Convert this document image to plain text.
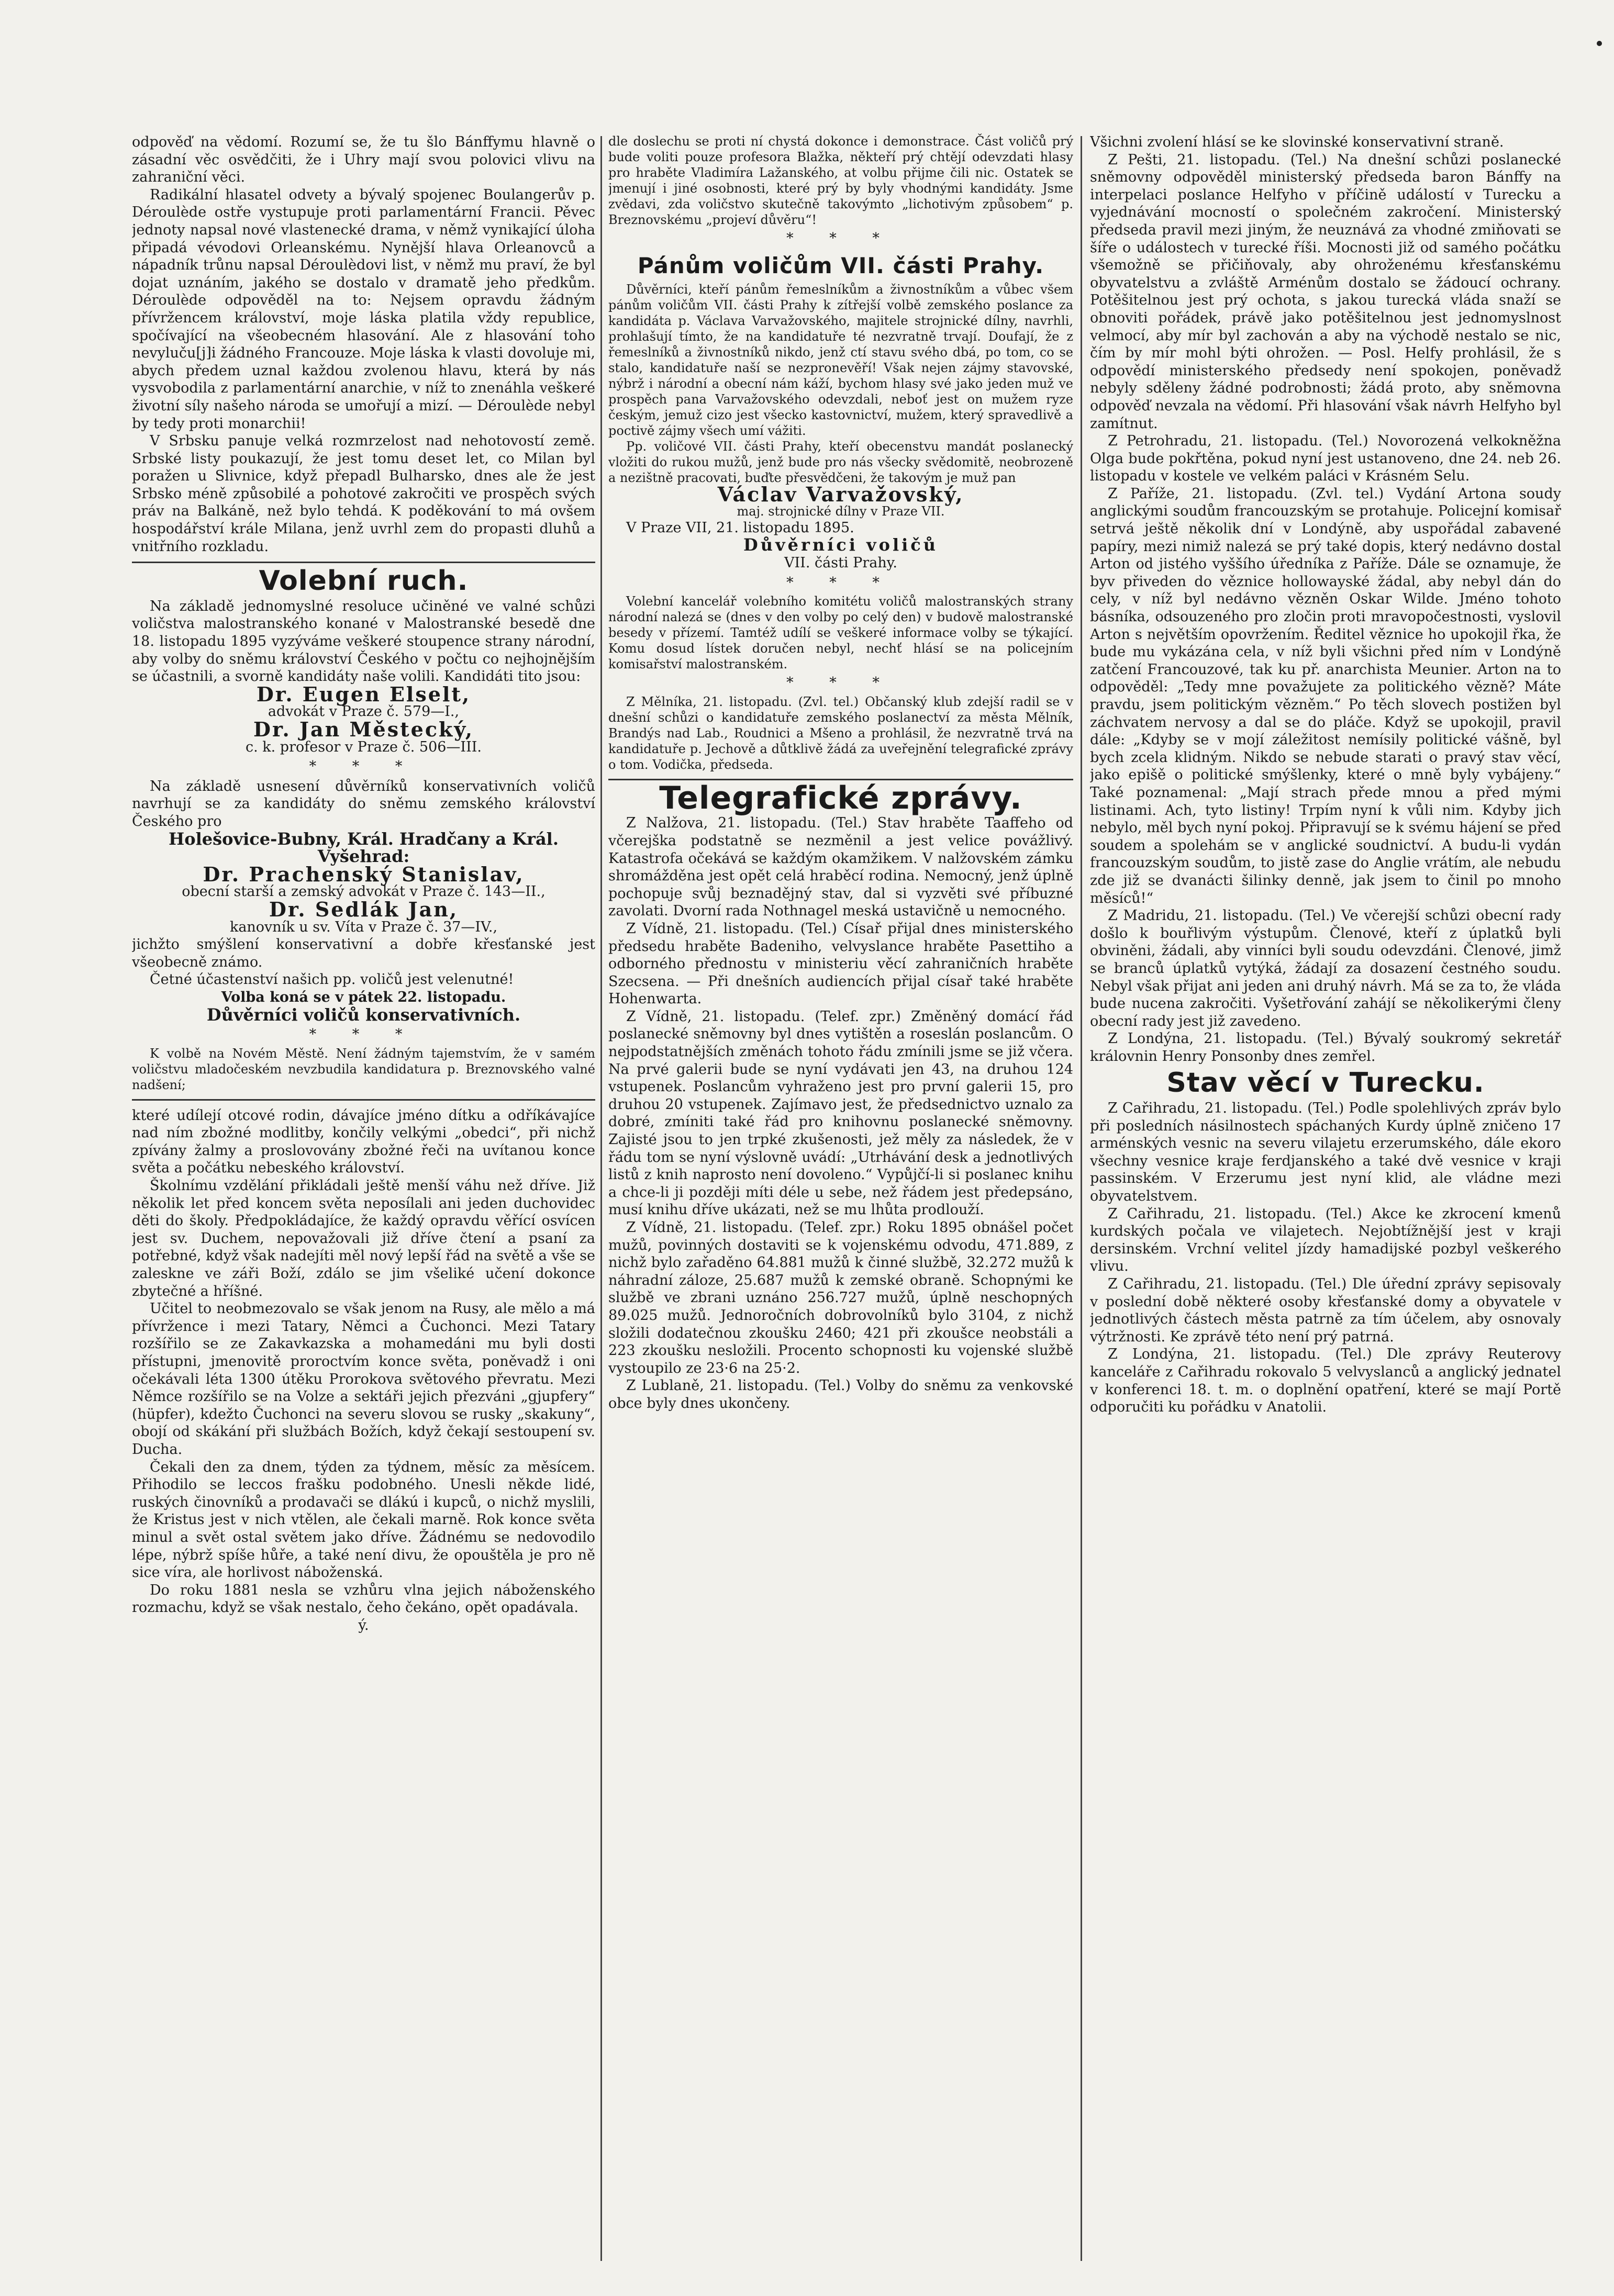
odpověď na vědomí. Rozumí se, že tu šlo Bánffymu hlavně o zásadní věc osvědčiti, že i Uhry mají svou polovici vlivu na zahraniční věci.

Radikální hlasatel odvety a bývalý spojenec Boulangerův p. Déroulède ostře vystupuje proti parlamentární Francii. Pěvec jednoty napsal nové vlastenecké drama, v němž vynikající úloha připadá vévodovi Orleanskému. Nynější hlava Orleanovců a nápadník trůnu napsal Déroulèdovi list, v němž mu praví, že byl dojat uznáním, jakého se dostalo v dramatě jeho předkům. Déroulède odpověděl na to: Nejsem opravdu žádným přívržencem království, moje láska platila vždy republice, spočívající na všeobecném hlasování. Ale z hlasování toho nevyluču[j]i žádného Francouze. Moje láska k vlasti dovoluje mi, abych předem uznal každou zvolenou hlavu, která by nás vysvobodila z parlamentární anarchie, v níž to znenáhla veškeré životní síly našeho národa se umořují a mizí. — Déroulède nebyl by tedy proti monarchii!

V Srbsku panuje velká rozmrzelost nad nehotovostí země. Srbské listy poukazují, že jest tomu deset let, co Milan byl poražen u Slivnice, když přepadl Bulharsko, dnes ale že jest Srbsko méně způsobilé a pohotové zakročiti ve prospěch svých práv na Balkáně, než bylo tehdá. K poděkování to má ovšem hospodářství krále Milana, jenž uvrhl zem do propasti dluhů a vnitřního rozkladu.

Volební ruch.

Na základě jednomyslné resoluce učiněné ve valné schůzi voličstva malostranského konané v Malostranské besedě dne 18. listopadu 1895 vyzýváme veškeré stoupence strany národní, aby volby do sněmu království Českého v počtu co nejhojnějším se účastnili, a svorně kandidáty naše volili. Kandidáti tito jsou:

Dr. Eugen Elselt,

advokát v Praze č. 579—I.,

Dr. Jan Městecký,

c. k. profesor v Praze č. 506—III.

* * *

Na základě usnesení důvěrníků konservativních voličů navrhují se za kandidáty do sněmu zemského království Českého pro

Holešovice-Bubny, Král. Hradčany a Král. Vyšehrad:

Dr. Prachenský Stanislav,

obecní starší a zemský advokát v Praze č. 143—II.,

Dr. Sedlák Jan,

kanovník u sv. Víta v Praze č. 37—IV.,

jichžto smýšlení konservativní a dobře křesťanské jest všeobecně známo.

Četné účastenství našich pp. voličů jest velenutné!

Volba koná se v pátek 22. listopadu.

Důvěrníci voličů konservativních.

* * *

K volbě na Novém Městě. Není žádným tajemstvím, že v samém voličstvu mladočeském nevzbudila kandidatura p. Breznovského valné nadšení;

které udílejí otcové rodin, dávajíce jméno dítku a odříkávajíce nad ním zbožné modlitby, končily velkými „obedci“, při nichž zpívány žalmy a proslovovány zbožné řeči na uvítanou konce světa a počátku nebeského království.

Školnímu vzdělání přikládali ještě menší váhu než dříve. Již několik let před koncem světa neposílali ani jeden duchovidec děti do školy. Předpokládajíce, že každý opravdu věřící osvícen jest sv. Duchem, nepovažovali již dříve čtení a psaní za potřebné, když však nadejíti měl nový lepší řád na světě a vše se zaleskne ve záři Boží, zdálo se jim všeliké učení dokonce zbytečné a hříšné.

Učitel to neobmezovalo se však jenom na Rusy, ale mělo a má přívržence i mezi Tatary, Němci a Čuchonci. Mezi Tatary rozšířilo se ze Zakavkazska a mohamedáni mu byli dosti přístupni, jmenovitě proroctvím konce světa, poněvadž i oni očekávali léta 1300 útěku Prorokova světového převratu. Mezi Němce rozšířilo se na Volze a sektáři jejich přezváni „gjupfery“ (hüpfer), kdežto Čuchonci na severu slovou se rusky „skakuny“, obojí od skákání při službách Božích, když čekají sestoupení sv. Ducha.

Čekali den za dnem, týden za týdnem, měsíc za měsícem. Přihodilo se leccos frašku podobného. Unesli někde lidé, ruských činovníků a prodavači se dlákú i kupců, o nichž myslili, že Kristus jest v nich vtělen, ale čekali marně. Rok konce světa minul a svět ostal světem jako dříve. Žádnému se nedovodilo lépe, nýbrž spíše hůře, a také není divu, že opouštěla je pro ně sice víra, ale horlivost náboženská.

Do roku 1881 nesla se vzhůru vlna jejich náboženského rozmachu, když se však nestalo, čeho čekáno, opět opadávala.

ý.

dle doslechu se proti ní chystá dokonce i demonstrace. Část voličů prý bude voliti pouze profesora Blažka, někteří prý chtějí odevzdati hlasy pro hraběte Vladimíra Lažanského, at volbu přijme čili nic. Ostatek se jmenují i jiné osobnosti, které prý by byly vhodnými kandidáty. Jsme zvědavi, zda voličstvo skutečně takovýmto „lichotivým způsobem“ p. Breznovskému „projeví důvěru“!

* * *
Pánům voličům VII. části Prahy.

Důvěrníci, kteří pánům řemeslníkům a živnostníkům a vůbec všem pánům voličům VII. části Prahy k zítřejší volbě zemského poslance za kandidáta p. Václava Varvažovského, majitele strojnické dílny, navrhli, prohlašují tímto, že na kandidatuře té nezvratně trvají. Doufají, že z řemeslníků a živnostníků nikdo, jenž ctí stavu svého dbá, po tom, co se stalo, kandidatuře naší se nezpronevěří! Však nejen zájmy stavovské, nýbrž i národní a obecní nám káží, bychom hlasy své jako jeden muž ve prospěch pana Varvažovského odevzdali, neboť jest on mužem ryze českým, jemuž cizo jest všecko kastovnictví, mužem, který spravedlivě a poctivě zájmy všech umí vážiti.

Pp. voličové VII. části Prahy, kteří obecenstvu mandát poslanecký vložiti do rukou mužů, jenž bude pro nás všecky svědomitě, neobrozeně a nezištně pracovati, buďte přesvědčeni, že takovým je muž pan

Václav Varvažovský,

maj. strojnické dílny v Praze VII.

V Praze VII, 21. listopadu 1895.

Důvěrníci voličů

VII. části Prahy.

* * *

Volební kancelář volebního komitétu voličů malostranských strany národní nalezá se (dnes v den volby po celý den) v budově malostranské besedy v přízemí. Tamtéž udílí se veškeré informace volby se týkající. Komu dosud lístek doručen nebyl, nechť hlásí se na policejním komisařství malostranském.

* * *

Z Mělníka, 21. listopadu. (Zvl. tel.) Občanský klub zdejší radil se v dnešní schůzi o kandidatuře zemského poslanectví za města Mělník, Brandýs nad Lab., Roudnici a Mšeno a prohlásil, že nezvratně trvá na kandidatuře p. Jechově a důtklivě žádá za uveřejnění telegrafické zprávy o tom. Vodička, předseda.

Telegrafické zprávy.

Z Nalžova, 21. listopadu. (Tel.) Stav hraběte Taaffeho od včerejška podstatně se nezměnil a jest velice povážlivý. Katastrofa očekává se každým okamžikem. V nalžovském zámku shromážděna jest opět celá hraběcí rodina. Nemocný, jenž úplně pochopuje svůj beznadějný stav, dal si vyzvěti své příbuzné zavolati. Dvorní rada Nothnagel meská ustavičně u nemocného.

Z Vídně, 21. listopadu. (Tel.) Císař přijal dnes ministerského předsedu hraběte Badeniho, velvyslance hraběte Pasettiho a odborného přednostu v ministeriu věcí zahraničních hraběte Szecsena. — Při dnešních audiencích přijal císař také hraběte Hohenwarta.

Z Vídně, 21. listopadu. (Telef. zpr.) Změněný domácí řád poslanecké sněmovny byl dnes vytištěn a roseslán poslancům. O nejpodstatnějších změnách tohoto řádu zmínili jsme se již včera. Na prvé galerii bude se nyní vydávati jen 43, na druhou 124 vstupenek. Poslancům vyhraženo jest pro první galerii 15, pro druhou 20 vstupenek. Zajímavo jest, že předsednictvo uznalo za dobré, zmíniti také řád pro knihovnu poslanecké sněmovny. Zajisté jsou to jen trpké zkušenosti, jež měly za následek, že v řádu tom se nyní výslovně uvádí: „Utrhávání desk a jednotlivých listů z knih naprosto není dovoleno.“ Vypůjčí-li si poslanec knihu a chce-li ji později míti déle u sebe, než řádem jest předepsáno, musí knihu dříve ukázati, než se mu lhůta prodlouží.

Z Vídně, 21. listopadu. (Telef. zpr.) Roku 1895 obnášel počet mužů, povinných dostaviti se k vojenskému odvodu, 471.889, z nichž bylo zařaděno 64.881 mužů k činné službě, 32.272 mužů k náhradní záloze, 25.687 mužů k zemské obraně. Schopnými ke službě ve zbrani uznáno 256.727 mužů, úplně neschopných 89.025 mužů. Jednoročních dobrovolníků bylo 3104, z nichž složili dodatečnou zkoušku 2460; 421 při zkoušce neobstáli a 223 zkoušku nesložili. Procento schopnosti ku vojenské službě vystoupilo ze 23·6 na 25·2.

Z Lublaně, 21. listopadu. (Tel.) Volby do sněmu za venkovské obce byly dnes ukončeny.

Všichni zvolení hlásí se ke slovinské konservativní straně.

Z Pešti, 21. listopadu. (Tel.) Na dnešní schůzi poslanecké sněmovny odpověděl ministerský předseda baron Bánffy na interpelaci poslance Helfyho v příčině událostí v Turecku a vyjednávání mocností o společném zakročení. Ministerský předseda pravil mezi jiným, že neuznává za vhodné zmiňovati se šíře o událostech v turecké říši. Mocnosti již od samého počátku všemožně se přičiňovaly, aby ohroženému křesťanskému obyvatelstvu a zvláště Arménům dostalo se žádoucí ochrany. Potěšitelnou jest prý ochota, s jakou turecká vláda snaží se obnoviti pořádek, právě jako potěšitelnou jest jednomyslnost velmocí, aby mír byl zachován a aby na východě nestalo se nic, čím by mír mohl býti ohrožen. — Posl. Helfy prohlásil, že s odpovědí ministerského předsedy není spokojen, poněvadž nebyly sděleny žádné podrobnosti; žádá proto, aby sněmovna odpověď nevzala na vědomí. Při hlasování však návrh Helfyho byl zamítnut.

Z Petrohradu, 21. listopadu. (Tel.) Novorozená velkokněžna Olga bude pokřtěna, pokud nyní jest ustanoveno, dne 24. neb 26. listopadu v kostele ve velkém paláci v Krásném Selu.

Z Paříže, 21. listopadu. (Zvl. tel.) Vydání Artona soudy anglickými soudům francouzským se protahuje. Policejní komisař setrvá ještě několik dní v Londýně, aby uspořádal zabavené papíry, mezi nimiž nalezá se prý také dopis, který nedávno dostal Arton od jistého vyššího úředníka z Paříže. Dále se oznamuje, že byv přiveden do věznice hollowayské žádal, aby nebyl dán do cely, v níž byl nedávno vězněn Oskar Wilde. Jméno tohoto básníka, odsouzeného pro zločin proti mravopočestnosti, vyslovil Arton s největším opovržením. Ředitel věznice ho upokojil řka, že bude mu vykázána cela, v níž byli všichni před ním v Londýně zatčení Francouzové, tak ku př. anarchista Meunier. Arton na to odpověděl: „Tedy mne považujete za politického vězně? Máte pravdu, jsem politickým vězněm.“ Po těch slovech postižen byl záchvatem nervosy a dal se do pláče. Když se upokojil, pravil dále: „Kdyby se v mojí záležitost nemísily politické vášně, byl bych zcela klidným. Nikdo se nebude starati o pravý stav věcí, jako epišě o politické smýšlenky, které o mně byly vybájeny.“ Také poznamenal: „Mají strach přede mnou a před mými listinami. Ach, tyto listiny! Trpím nyní k vůli nim. Kdyby jich nebylo, měl bych nyní pokoj. Připravují se k svému hájení se před soudem a spolehám se v anglické soudnictví. A budu-li vydán francouzským soudům, to jistě zase do Anglie vrátím, ale nebudu zde již se dvanácti šilinky denně, jak jsem to činil po mnoho měsíců!“

Z Madridu, 21. listopadu. (Tel.) Ve včerejší schůzi obecní rady došlo k bouřlivým výstupům. Členové, kteří z úplatků byli obviněni, žádali, aby vinníci byli soudu odevzdáni. Členové, jimž se branců úplatků vytýká, žádají za dosazení čestného soudu. Nebyl však přijat ani jeden ani druhý návrh. Má se za to, že vláda bude nucena zakročiti. Vyšetřování zahájí se několikerými členy obecní rady jest již zavedeno.

Z Londýna, 21. listopadu. (Tel.) Bývalý soukromý sekretář královnin Henry Ponsonby dnes zemřel.

Stav věcí v Turecku.

Z Cařihradu, 21. listopadu. (Tel.) Podle spolehlivých zpráv bylo při posledních násilnostech spáchaných Kurdy úplně zničeno 17 arménských vesnic na severu vilajetu erzerumského, dále ekoro všechny vesnice kraje ferdjanského a také dvě vesnice v kraji passinském. V Erzerumu jest nyní klid, ale vládne mezi obyvatelstvem.

Z Cařihradu, 21. listopadu. (Tel.) Akce ke zkrocení kmenů kurdských počala ve vilajetech. Nejobtížnější jest v kraji dersinském. Vrchní velitel jízdy hamadijské pozbyl veškerého vlivu.

Z Cařihradu, 21. listopadu. (Tel.) Dle úřední zprávy sepisovaly v poslední době některé osoby křesťanské domy a obyvatele v jednotlivých částech města patrně za tím účelem, aby osnovaly výtržnosti. Ke zprávě této není prý patrná.

Z Londýna, 21. listopadu. (Tel.) Dle zprávy Reuterovy kanceláře z Cařihradu rokovalo 5 velvyslanců a anglický jednatel v konferenci 18. t. m. o doplnění opatření, které se mají Portě odporučiti ku pořádku v Anatolii.
